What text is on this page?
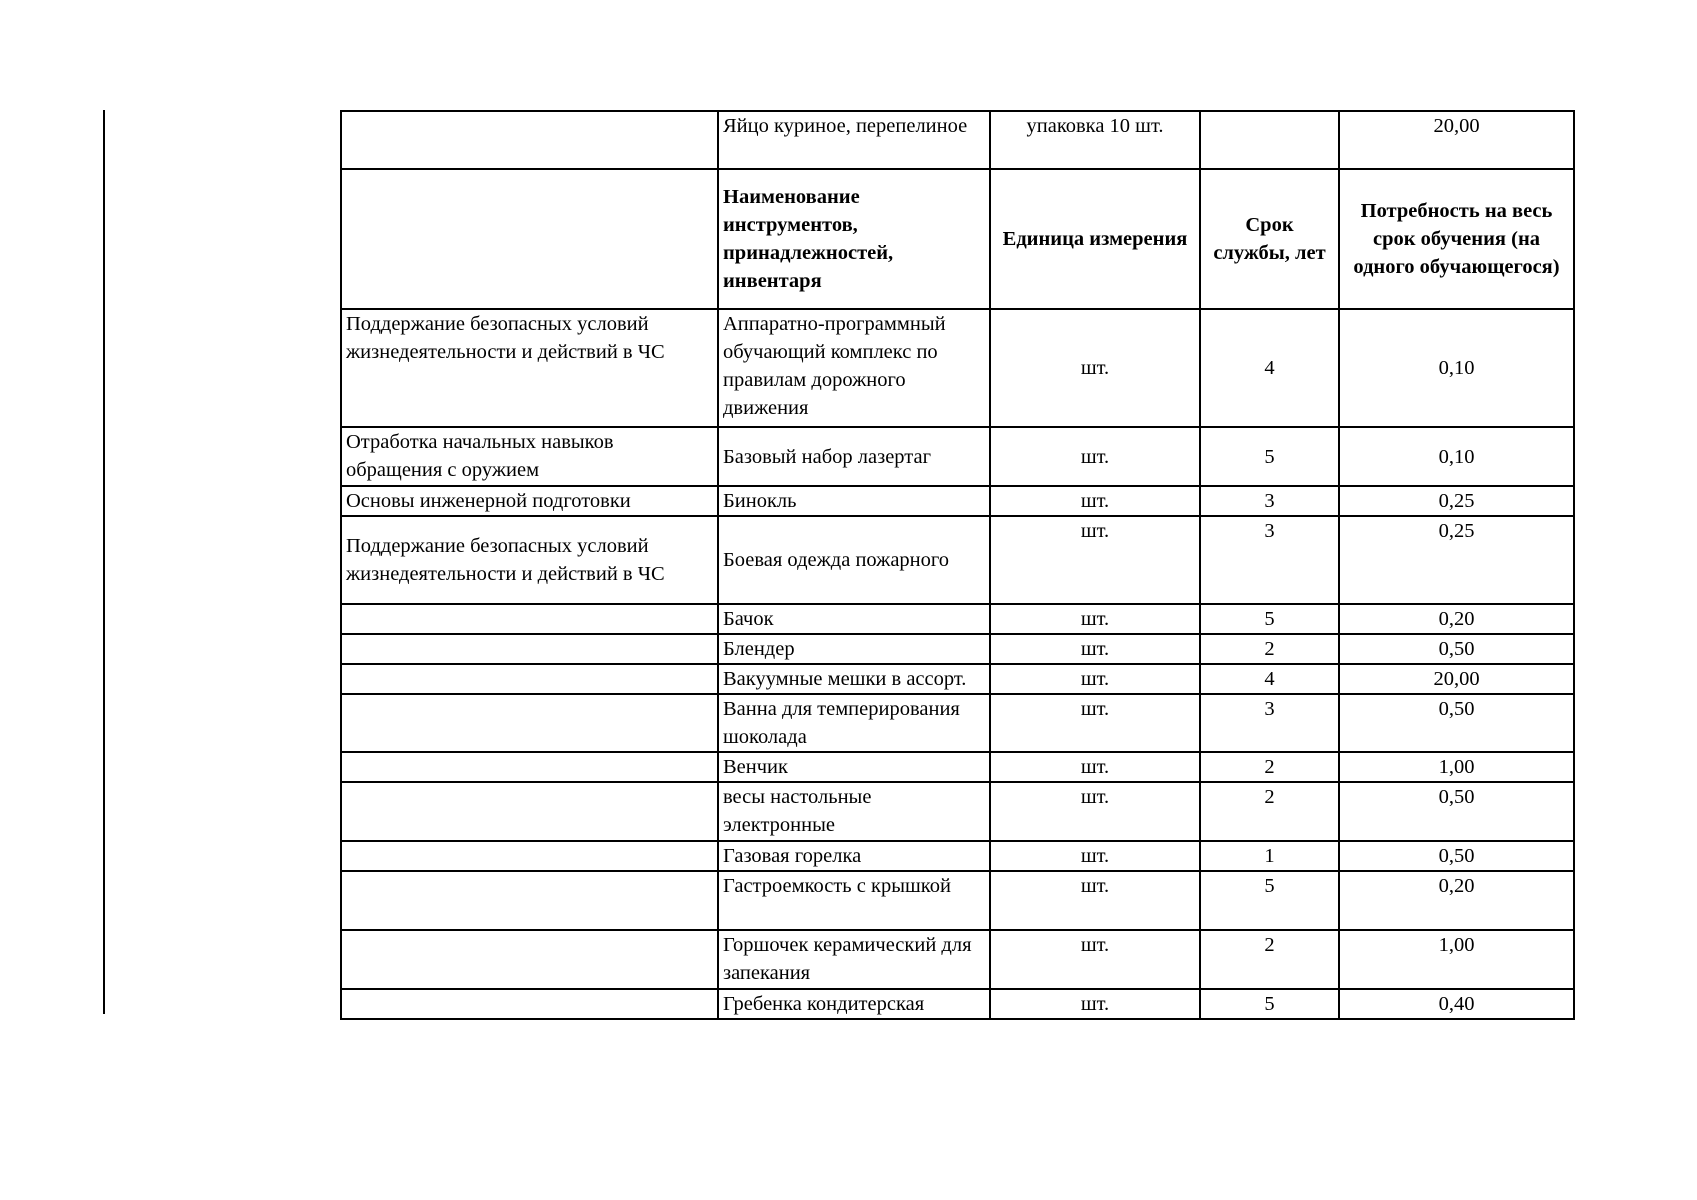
	Яйцо куриное, перепелиное	упаковка 10 шт.		20,00
	Наименование инструментов, принадлежностей, инвентаря	Единица измерения	Срок службы, лет	Потребность на весь срок обучения (на одного обучающегося)
Поддержание безопасных условий жизнедеятельности и действий в ЧС	Аппаратно-программный обучающий комплекс по правилам дорожного движения	шт.	4	0,10
Отработка начальных навыков обращения с оружием	Базовый набор лазертаг	шт.	5	0,10
Основы инженерной подготовки	Бинокль	шт.	3	0,25
Поддержание безопасных условий жизнедеятельности и действий в ЧС	Боевая одежда пожарного	шт.	3	0,25
	Бачок	шт.	5	0,20
	Блендер	шт.	2	0,50
	Вакуумные мешки в ассорт.	шт.	4	20,00
	Ванна для темперирования шоколада	шт.	3	0,50
	Венчик	шт.	2	1,00
	весы настольные электронные	шт.	2	0,50
	Газовая горелка	шт.	1	0,50
	Гастроемкость с крышкой	шт.	5	0,20
	Горшочек керамический для запекания	шт.	2	1,00
	Гребенка кондитерская	шт.	5	0,40
